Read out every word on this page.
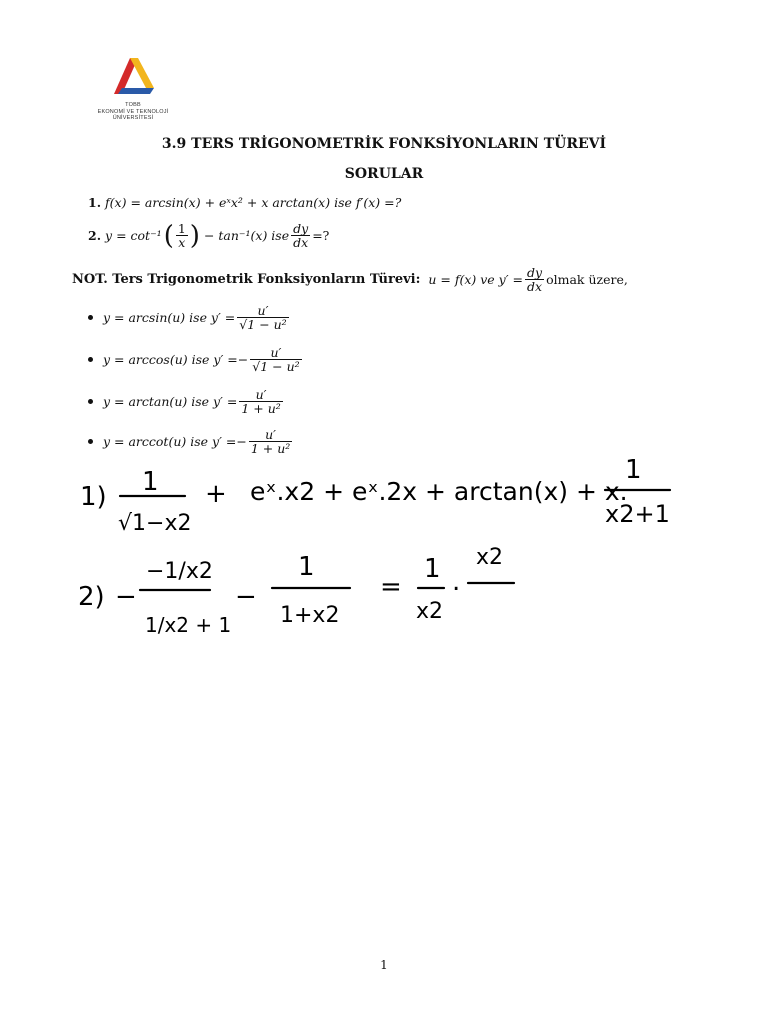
TOBB
EKONOMİ VE TEKNOLOJİ
ÜNİVERSİTESİ
3.9 TERS TRİGONOMETRİK FONKSİYONLARIN TÜREVİ
SORULAR
1.
f(x) = arcsin(x) + eˣx² + x arctan(x) ise f′(x) =?
2.
y = cot⁻¹ ( $\frac{1}{x}$ ) − tan⁻¹(x) ise $\frac{dy}{dx}$ =?
NOT. Ters Trigonometrik Fonksiyonların Türevi:
u = f(x) ve $y' = \frac{dy}{dx}$ olmak üzere,
y = arcsin(u) ise $y' = \frac{u'}{\text{√1 − u²}}$
y = arccos(u) ise y′ = − $\frac{u'}{\text{√1 − u²}}$
y = arctan(u) ise $y' = \frac{u'}{\text{1 + u²}}$
y = arccot(u) ise y′ = − $\frac{u'}{\text{1 + u²}}$
1) 1
√1−x2
+ eˣ.x2 + eˣ.2x + arctan(x) + x.
1
x2+1
2) −
−1/x2
1/x2 + 1
−
1
1+x2
=
1
x2
.
x2
1
